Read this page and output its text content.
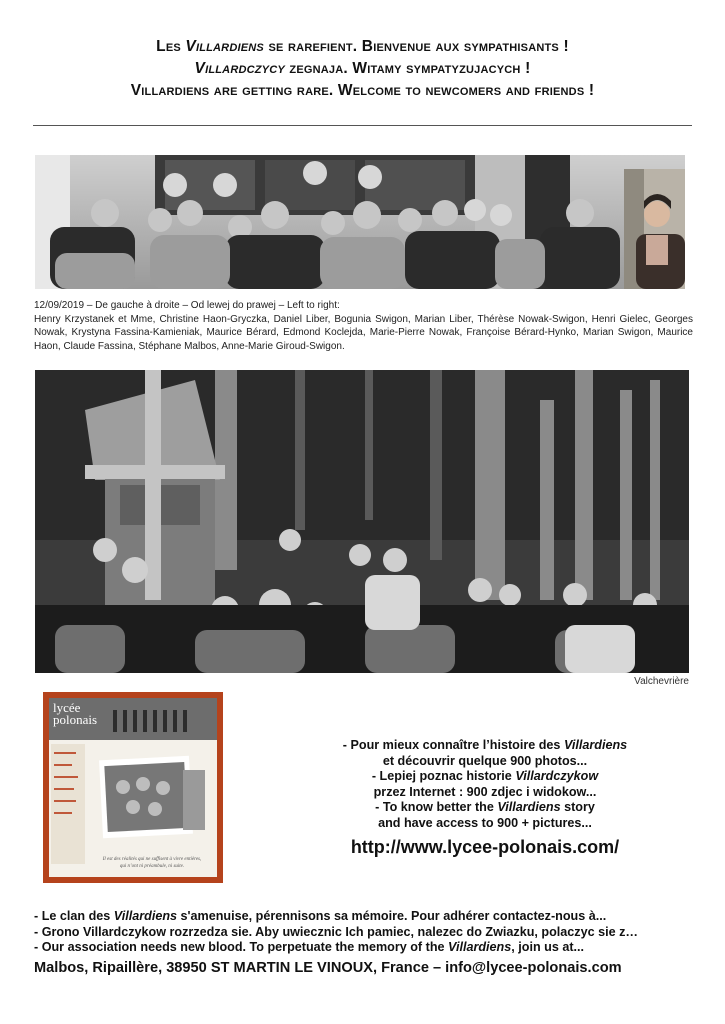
Les Villardiens se rarefient. Bienvenue aux sympathisants !
Villardczycy zegnaja. Witamy sympatyzujacych !
Villardiens are getting rare. Welcome to newcomers and friends !
12/09/2019 – De gauche à droite – Od lewej do prawej – Left to right:
Henry Krzystanek et Mme, Christine Haon-Gryczka, Daniel Liber, Bogunia Swigon, Marian Liber, Thérèse Nowak-Swigon, Henri Gielec, Georges Nowak, Krystyna Fassina-Kamieniak, Maurice Bérard, Edmond Koclejda, Marie-Pierre Nowak, Françoise Bérard-Hynko, Marian Swigon, Maurice Haon, Claude Fassina, Stéphane Malbos, Anne-Marie Giroud-Swigon.
Valchevrière
lycée
polonais
Il est des réalités qui ne suffisent à vivre entières,
qui n’ont ni préambule, ni suite.
- Pour mieux connaître l’histoire des Villardiens
et découvrir quelque 900 photos...
- Lepiej poznac historie Villardczykow
przez Internet : 900 zdjec i widokow...
- To know better the Villardiens story
and have access to 900 + pictures...
http://www.lycee-polonais.com/
- Le clan des Villardiens s'amenuise, pérennisons sa mémoire. Pour adhérer contactez-nous à...
- Grono Villardczykow rozrzedza sie. Aby uwiecznic Ich pamiec, nalezec do Zwiazku, polaczyc sie z…
- Our association needs new blood. To perpetuate the memory of the Villardiens, join us at...
Malbos, Ripaillère, 38950 ST MARTIN LE VINOUX, France – info@lycee-polonais.com
